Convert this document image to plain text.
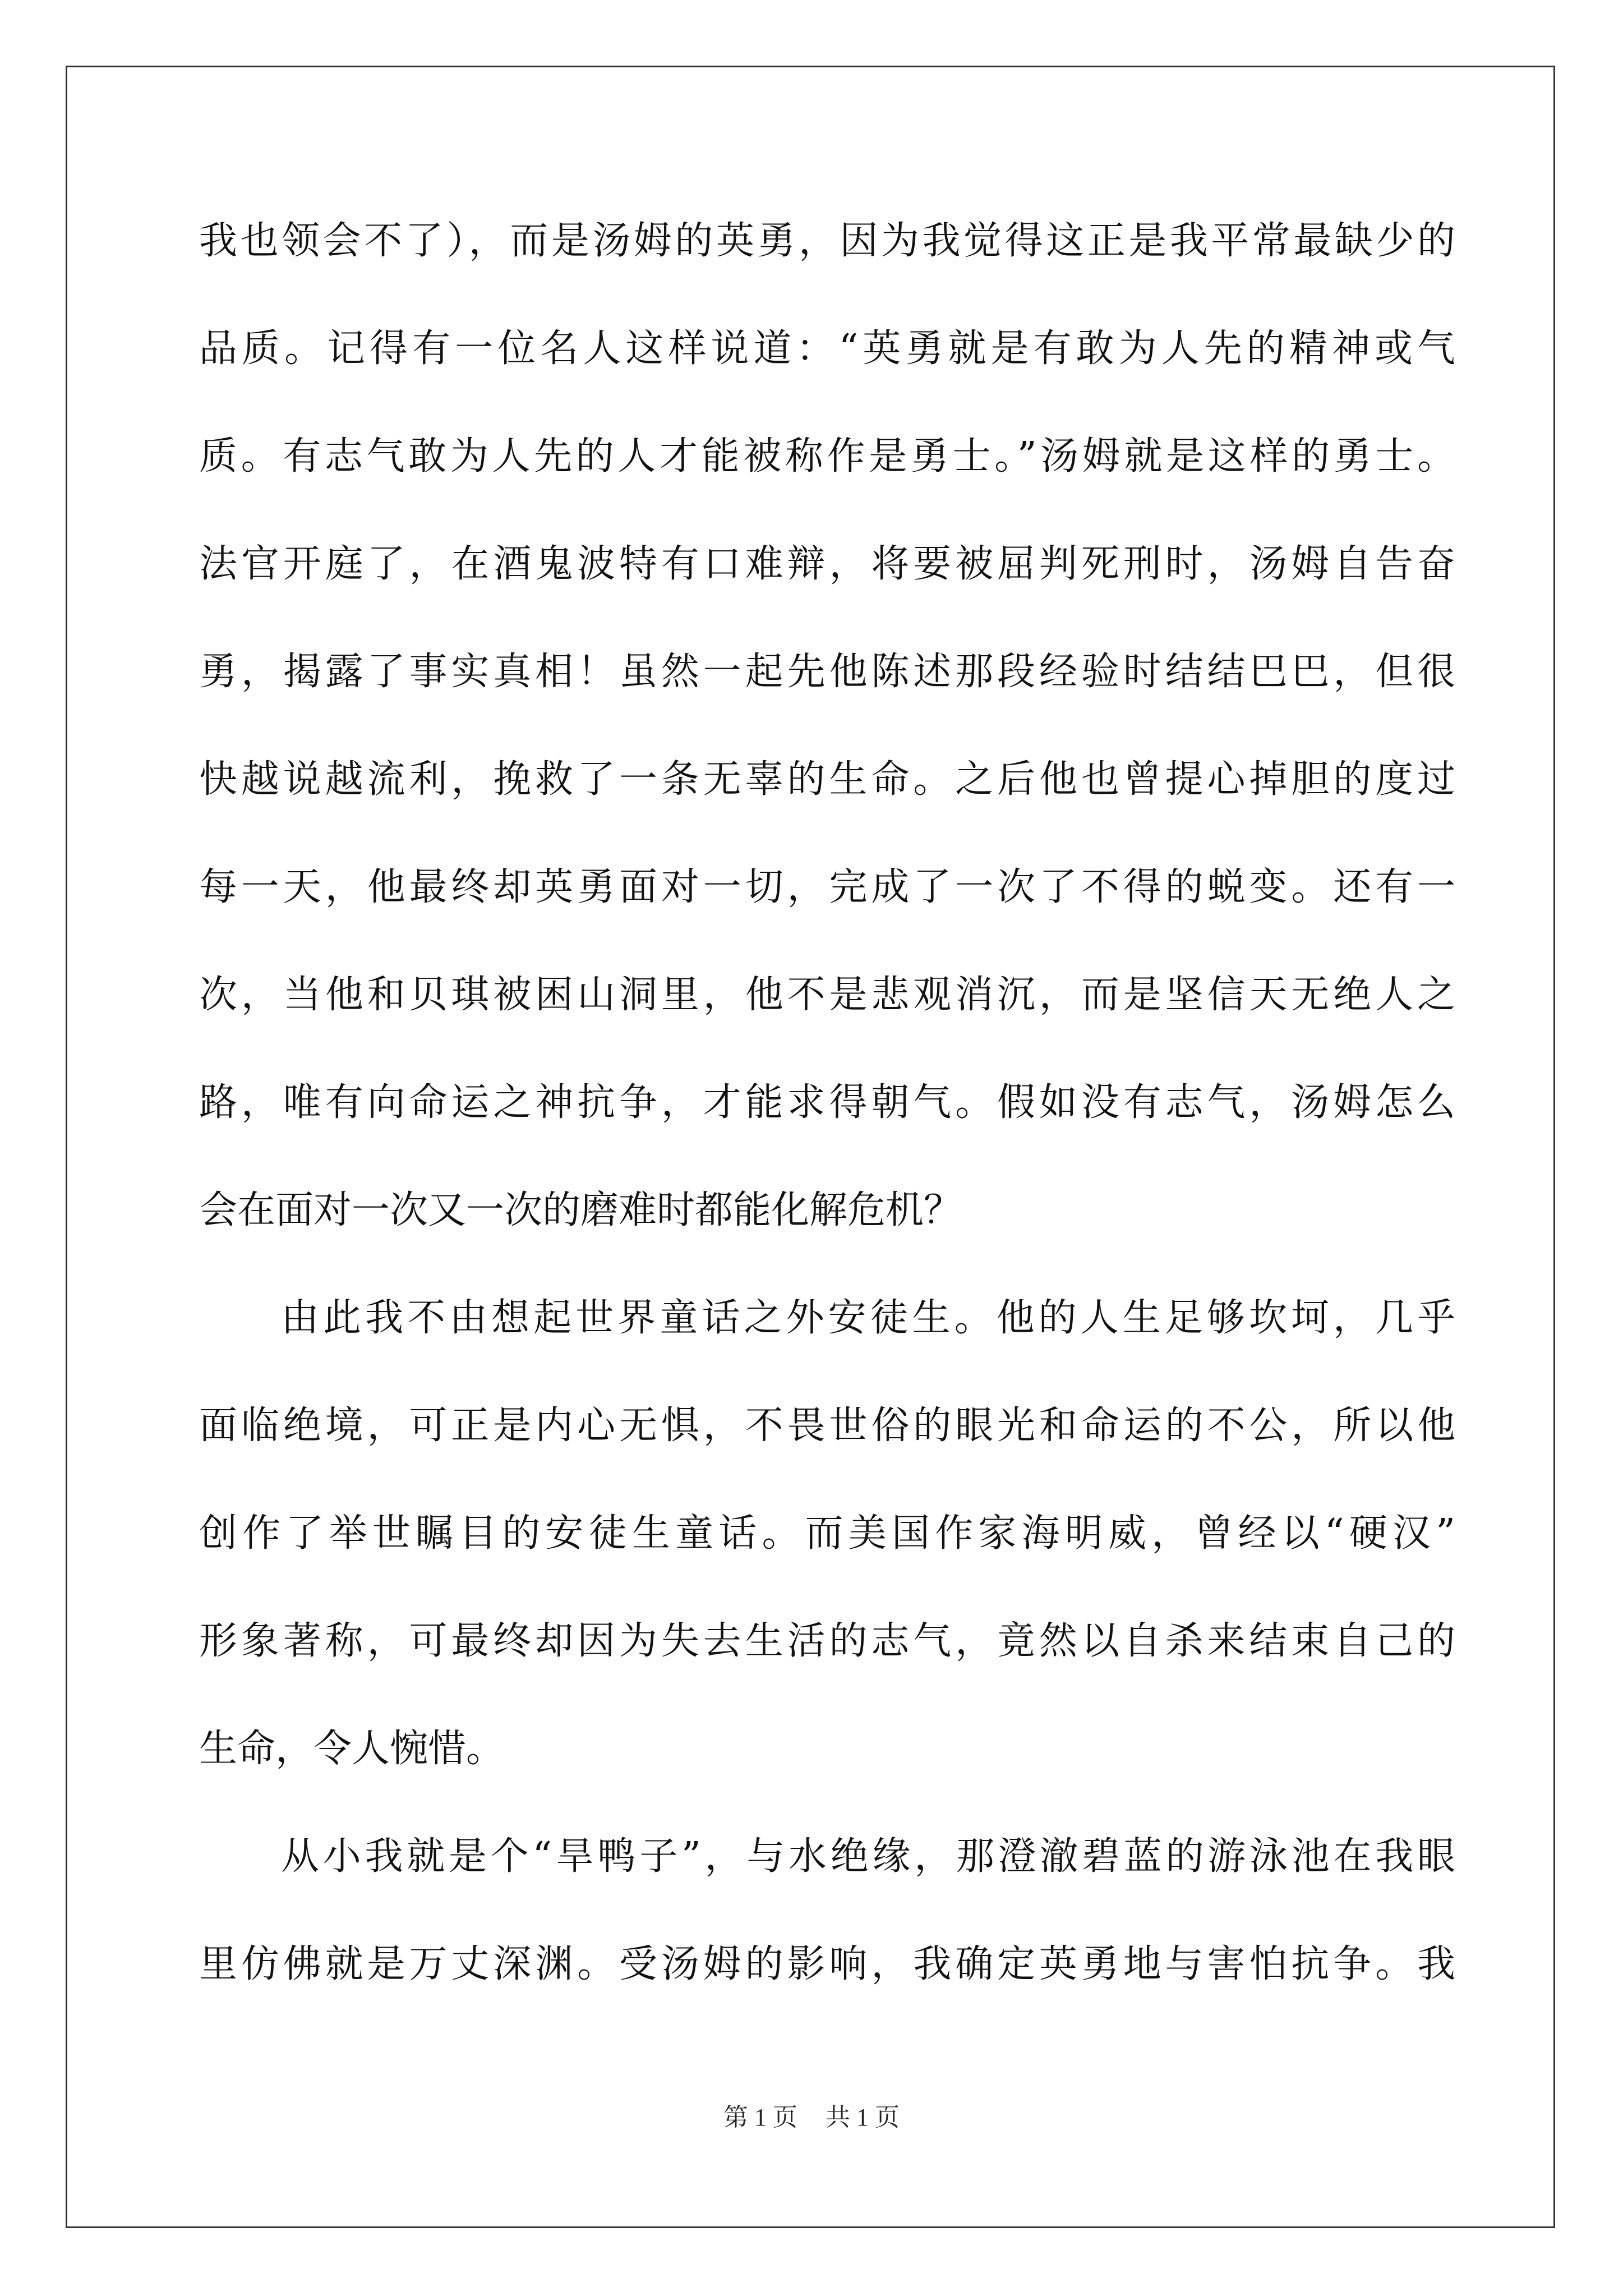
我也领会不了），而是汤姆的英勇，因为我觉得这正是我平常最缺少的
品质。记得有一位名人这样说道：“英勇就是有敢为人先的精神或气
质。有志气敢为人先的人才能被称作是勇士。”汤姆就是这样的勇士。
法官开庭了，在酒鬼波特有口难辩，将要被屈判死刑时，汤姆自告奋
勇，揭露了事实真相！虽然一起先他陈述那段经验时结结巴巴，但很
快越说越流利，挽救了一条无辜的生命。之后他也曾提心掉胆的度过
每一天，他最终却英勇面对一切，完成了一次了不得的蜕变。还有一
次，当他和贝琪被困山洞里，他不是悲观消沉，而是坚信天无绝人之
路，唯有向命运之神抗争，才能求得朝气。假如没有志气，汤姆怎么
会在面对一次又一次的磨难时都能化解危机？
由此我不由想起世界童话之外安徒生。他的人生足够坎坷，几乎
面临绝境，可正是内心无惧，不畏世俗的眼光和命运的不公，所以他
创作了举世瞩目的安徒生童话。而美国作家海明威，曾经以“硬汉”
形象著称，可最终却因为失去生活的志气，竟然以自杀来结束自己的
生命，令人惋惜。
从小我就是个“旱鸭子”，与水绝缘，那澄澈碧蓝的游泳池在我眼
里仿佛就是万丈深渊。受汤姆的影响，我确定英勇地与害怕抗争。我
第 1 页 共 1 页
